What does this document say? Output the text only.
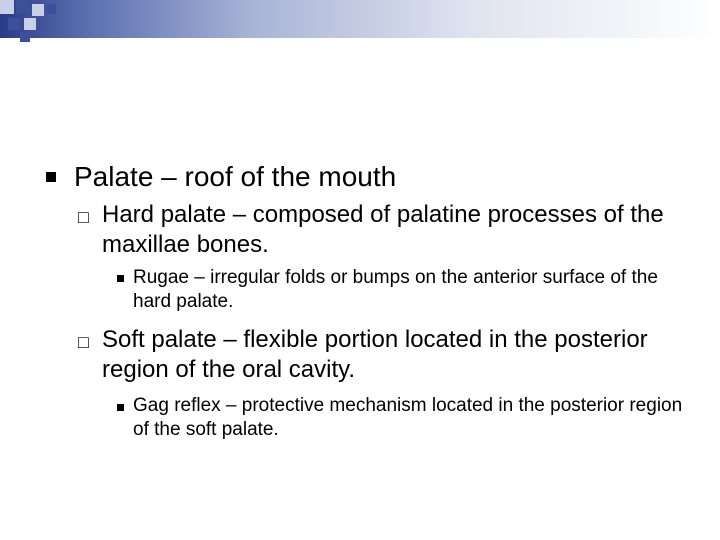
Palate – roof of the mouth
□ Hard palate – composed of palatine processes of the maxillae bones.
Rugae – irregular folds or bumps on the anterior surface of the hard palate.
□ Soft palate – flexible portion located in the posterior region of the oral cavity.
Gag reflex – protective mechanism located in the posterior region of the soft palate.
